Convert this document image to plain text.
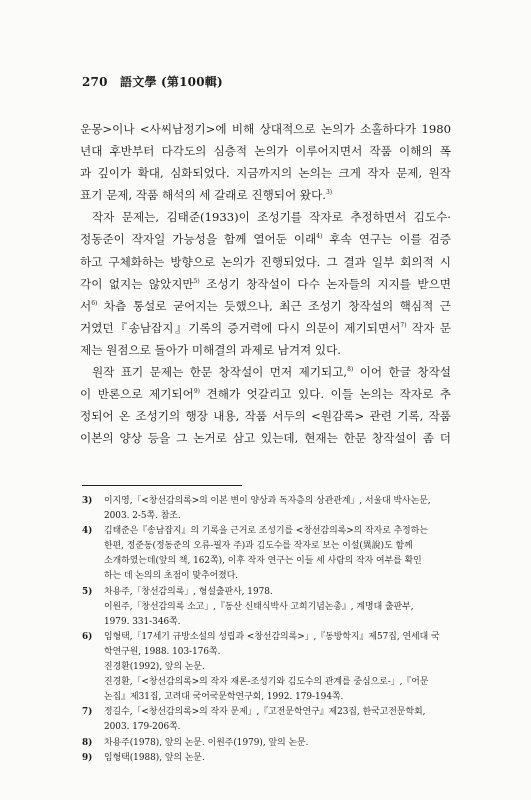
270 語文學 (第100輯)
운몽>이나 <사씨남정기>에 비해 상대적으로 논의가 소홀하다가 1980
년대 후반부터 다각도의 심층적 논의가 이루어지면서 작품 이해의 폭
과 깊이가 확대, 심화되었다. 지금까지의 논의는 크게 작자 문제, 원작
표기 문제, 작품 해석의 세 갈래로 진행되어 왔다.$^{3)}$
작자 문제는, 김태준(1933)이 조성기를 작자로 추정하면서 김도수·
정동준이 작자일 가능성을 함께 열어둔 이래$^{4)}$ 후속 연구는 이를 검증
하고 구체화하는 방향으로 논의가 진행되었다. 그 결과 일부 회의적 시
각이 없지는 않았지만$^{5)}$ 조성기 창작설이 다수 논자들의 지지를 받으면
서$^{6)}$ 차츰 통설로 굳어지는 듯했으나, 최근 조성기 창작설의 핵심적 근
거였던『송남잡지』기록의 증거력에 다시 의문이 제기되면서$^{7)}$ 작자 문
제는 원점으로 돌아가 미해결의 과제로 남겨져 있다.
원작 표기 문제는 한문 창작설이 먼저 제기되고,$^{8)}$ 이어 한글 창작설
이 반론으로 제기되어$^{9)}$ 견해가 엇갈리고 있다. 이들 논의는 작자로 추
정되어 온 조성기의 행장 내용, 작품 서두의 <원감록> 관련 기록, 작품
이본의 양상 등을 그 논거로 삼고 있는데, 현재는 한문 창작설이 좀 더
3)	이지영,「<창선감의록>의 이본 변이 양상과 독자층의 상관관계」, 서울대 박사논문,
2003. 2-5쪽. 참조.
4)	김태준은『송남잡지』의 기록을 근거로 조성기를 <창선감의록>의 작자로 추정하는
한편, 정준동(정동준의 오류-필자 주)과 김도수를 작자로 보는 이설(異說)도 함께
소개하였는데(앞의 책, 162쪽), 이후 작자 연구는 이들 세 사람의 작자 여부를 확인
하는 데 논의의 초점이 맞추어졌다.
5)	차용주,「창선감의록」, 형설출판사, 1978.
이원주,「창선감의록 소고」,『동산 신태식박사 고희기념논총』, 계명대 출판부,
1979. 331-346쪽.
6)	임형택,「17세기 규방소설의 성립과 <창선감의록>」,『동방학지』제57집, 연세대 국
학연구원, 1988. 103-176쪽.
진경환(1992), 앞의 논문.
진경환,「<창선감의록>의 작자 재론-조성기와 김도수의 관계를 중심으로-」,『어문
논집』제31집, 고려대 국어국문학연구회, 1992. 179-194쪽.
7)	정길수,「<창선감의록>의 작자 문제」,『고전문학연구』제23집, 한국고전문학회,
2003. 179-206쪽.
8)	차용주(1978), 앞의 논문. 이원주(1979), 앞의 논문.
9)	임형택(1988), 앞의 논문.
